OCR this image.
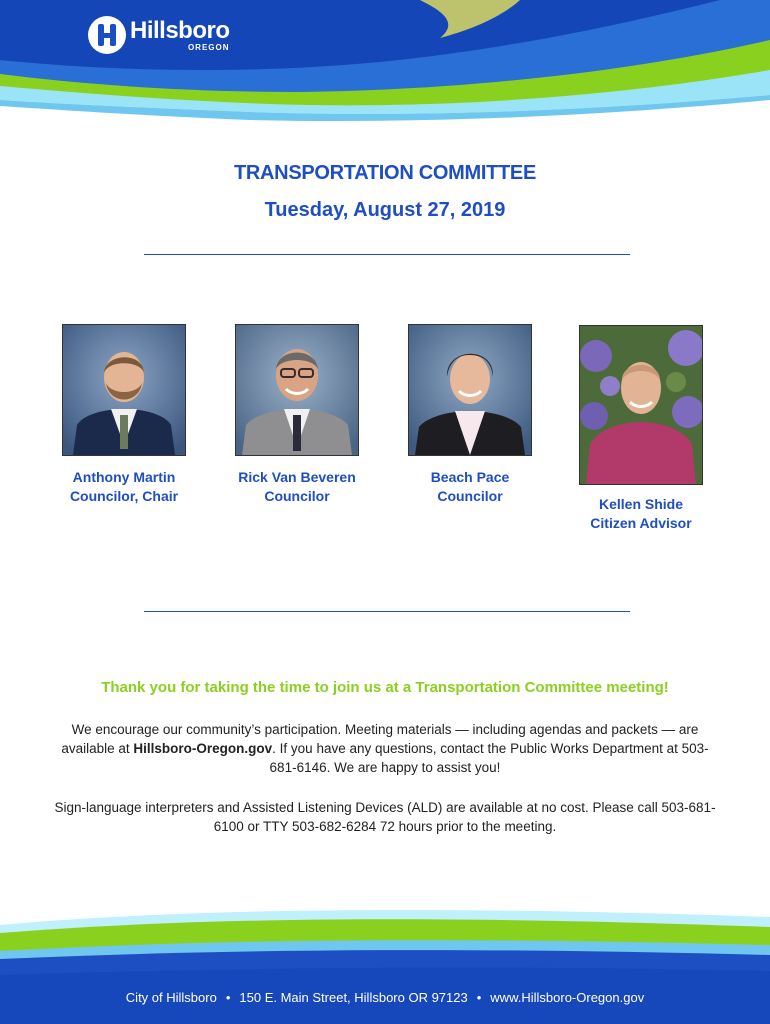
Hillsboro
OREGON
TRANSPORTATION COMMITTEE
Tuesday, August 27, 2019
Anthony Martin
Councilor, Chair
Rick Van Beveren
Councilor
Beach Pace
Councilor	Kellen Shide
Citizen Advisor
Thank you for taking the time to join us at a Transportation Committee meeting!
We encourage our community’s participation. Meeting materials — including agendas and packets — are available at Hillsboro-Oregon.gov. If you have any questions, contact the Public Works Department at 503-681-6146. We are happy to assist you!
Sign-language interpreters and Assisted Listening Devices (ALD) are available at no cost. Please call 503-681-6100 or TTY 503-682-6284 72 hours prior to the meeting.
City of Hillsboro • 150 E. Main Street, Hillsboro OR 97123 • www.Hillsboro-Oregon.gov
